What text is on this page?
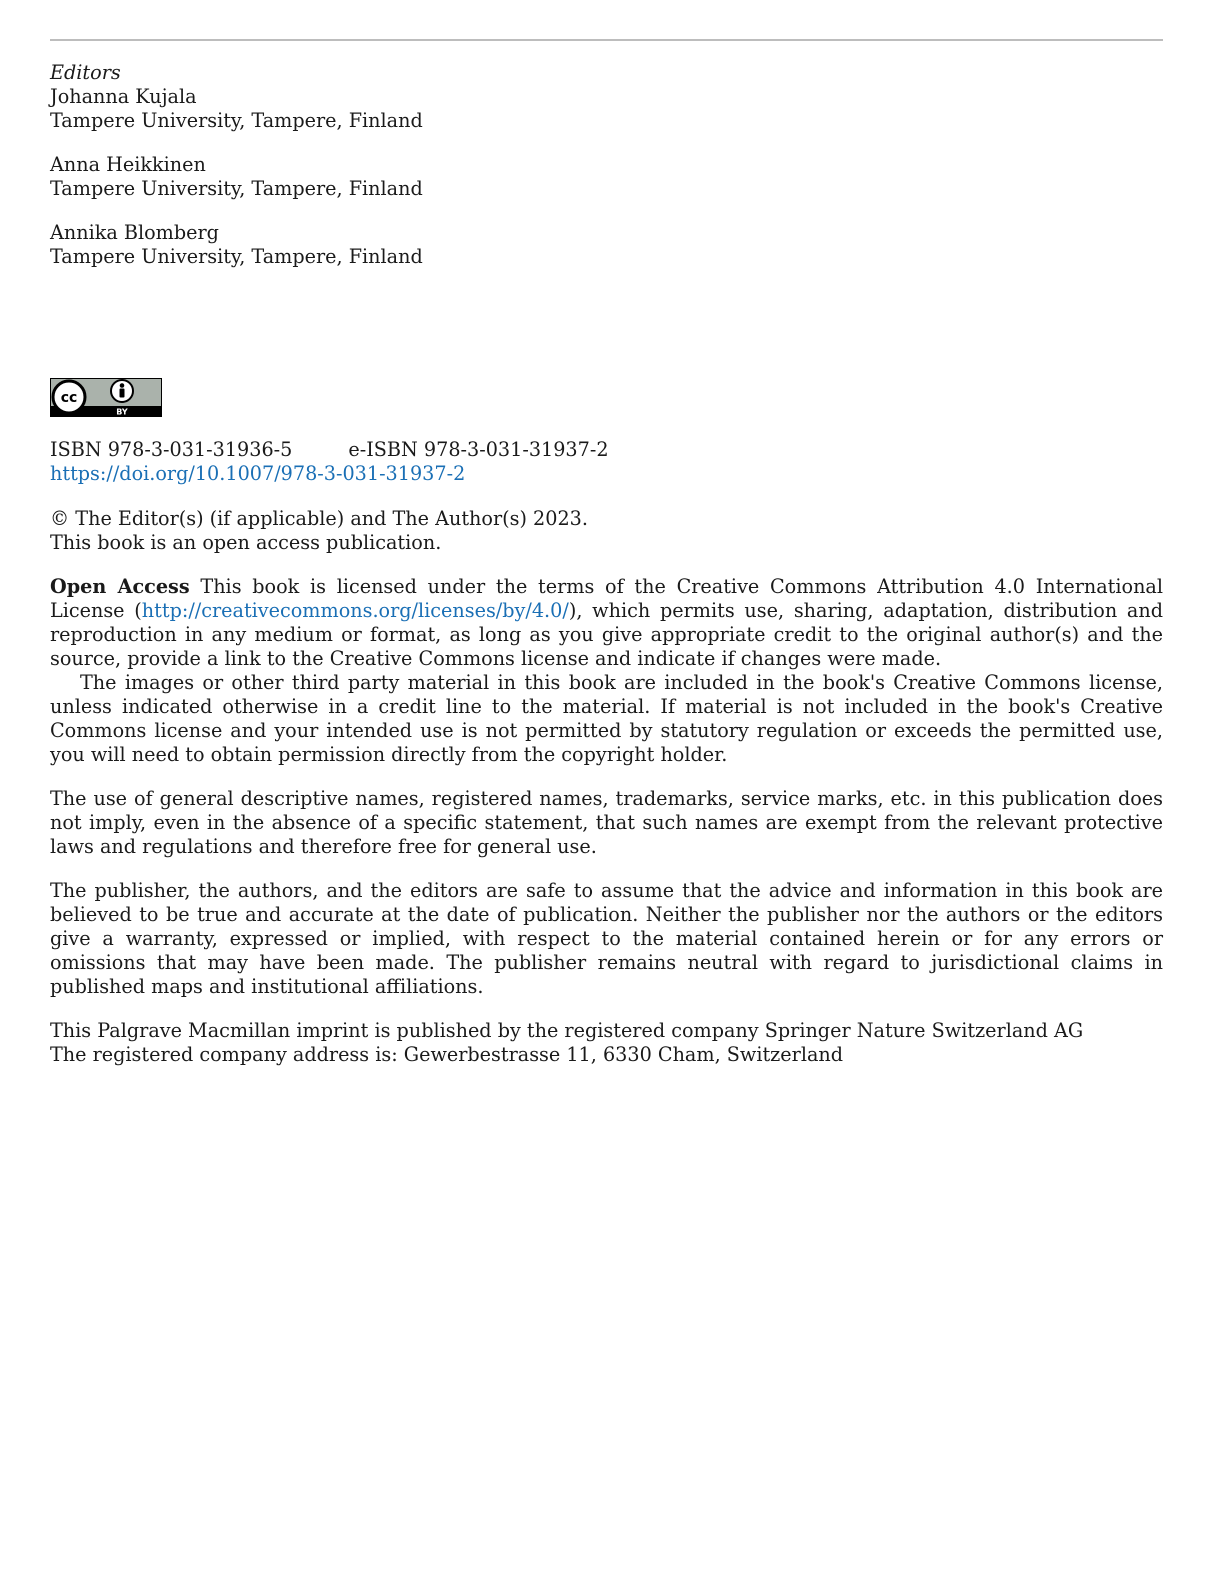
Editors
Johanna Kujala
Tampere University, Tampere, Finland
Anna Heikkinen
Tampere University, Tampere, Finland
Annika Blomberg
Tampere University, Tampere, Finland
cc
BY
ISBN 978-3-031-31936-5	e-ISBN 978-3-031-31937-2
https://doi.org/10.1007/978-3-031-31937-2
© The Editor(s) (if applicable) and The Author(s) 2023.
This book is an open access publication.

Open Access This book is licensed under the terms of the Creative Commons Attribution 4.0 International License (http://creativecommons.org/licenses/by/4.0/), which permits use, sharing, adaptation, distribution and reproduction in any medium or format, as long as you give appropriate credit to the original author(s) and the source, provide a link to the Creative Commons license and indicate if changes were made.

The images or other third party material in this book are included in the book's Creative Commons license, unless indicated otherwise in a credit line to the material. If material is not included in the book's Creative Commons license and your intended use is not permitted by statutory regulation or exceeds the permitted use, you will need to obtain permission directly from the copyright holder.

The use of general descriptive names, registered names, trademarks, service marks, etc. in this publication does not imply, even in the absence of a specific statement, that such names are exempt from the relevant protective laws and regulations and therefore free for general use.

The publisher, the authors, and the editors are safe to assume that the advice and information in this book are believed to be true and accurate at the date of publication. Neither the publisher nor the authors or the editors give a warranty, expressed or implied, with respect to the material contained herein or for any errors or omissions that may have been made. The publisher remains neutral with regard to jurisdictional claims in published maps and institutional affiliations.

This Palgrave Macmillan imprint is published by the registered company Springer Nature Switzerland AG

The registered company address is: Gewerbestrasse 11, 6330 Cham, Switzerland
